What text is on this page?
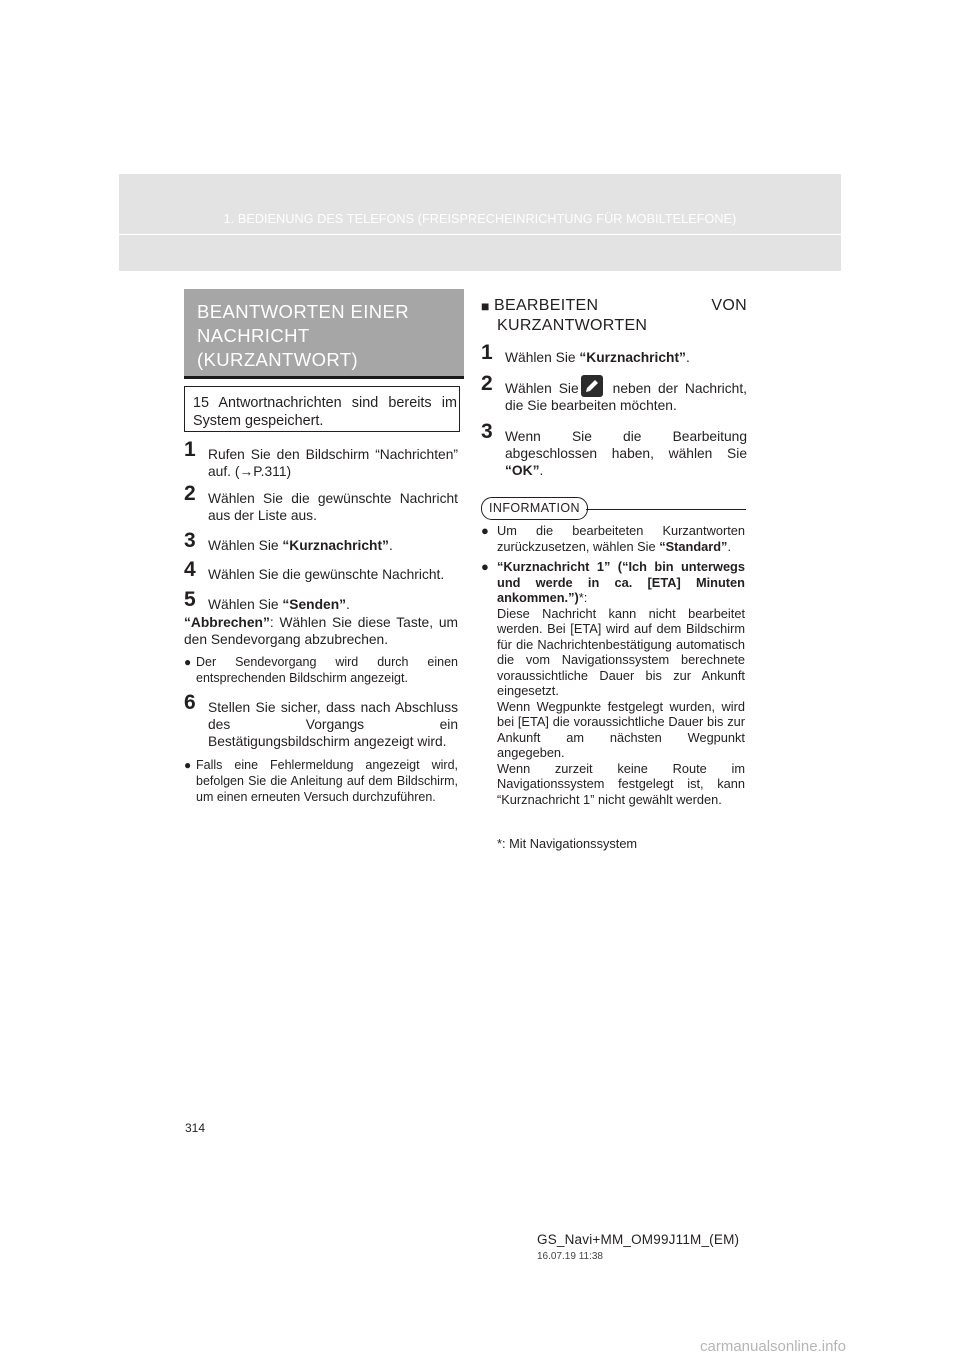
1. BEDIENUNG DES TELEFONS (FREISPRECHEINRICHTUNG FÜR MOBILTELEFONE)
BEANTWORTEN EINER
NACHRICHT
(KURZANTWORT)
15 Antwortnachrichten sind bereits im System gespeichert.
1 Rufen Sie den Bildschirm “Nachrichten” auf. (→P.311)
2 Wählen Sie die gewünschte Nachricht aus der Liste aus.
3 Wählen Sie “Kurznachricht”.
4 Wählen Sie die gewünschte Nachricht.
5 Wählen Sie “Senden”.
“Abbrechen”: Wählen Sie diese Taste, um den Sendevorgang abzubrechen.
● Der Sendevorgang wird durch einen entsprechenden Bildschirm angezeigt.
6 Stellen Sie sicher, dass nach Abschluss des Vorgangs ein Bestätigungsbildschirm angezeigt wird.
● Falls eine Fehlermeldung angezeigt wird, befolgen Sie die Anleitung auf dem Bildschirm, um einen erneuten Versuch durchzuführen.
■ BEARBEITEN	VON
KURZANTWORTEN
1 Wählen Sie “Kurznachricht”.
2 Wählen Sie neben der Nachricht, die Sie bearbeiten möchten.
3 Wenn Sie die Bearbeitung abgeschlossen haben, wählen Sie “OK”.
INFORMATION
● Um die bearbeiteten Kurzantworten zurückzusetzen, wählen Sie “Standard”.
● “Kurznachricht 1” (“Ich bin unterwegs und werde in ca. [ETA] Minuten ankommen.”)*:
Diese Nachricht kann nicht bearbeitet werden. Bei [ETA] wird auf dem Bildschirm für die Nachrichtenbestätigung automatisch die vom Navigationssystem berechnete voraussichtliche Dauer bis zur Ankunft eingesetzt.
Wenn Wegpunkte festgelegt wurden, wird bei [ETA] die voraussichtliche Dauer bis zur Ankunft am nächsten Wegpunkt angegeben.
Wenn zurzeit keine Route im Navigationssystem festgelegt ist, kann “Kurznachricht 1” nicht gewählt werden.
*: Mit Navigationssystem
314
GS_Navi+MM_OM99J11M_(EM)
16.07.19 11:38
carmanualsonline.info
